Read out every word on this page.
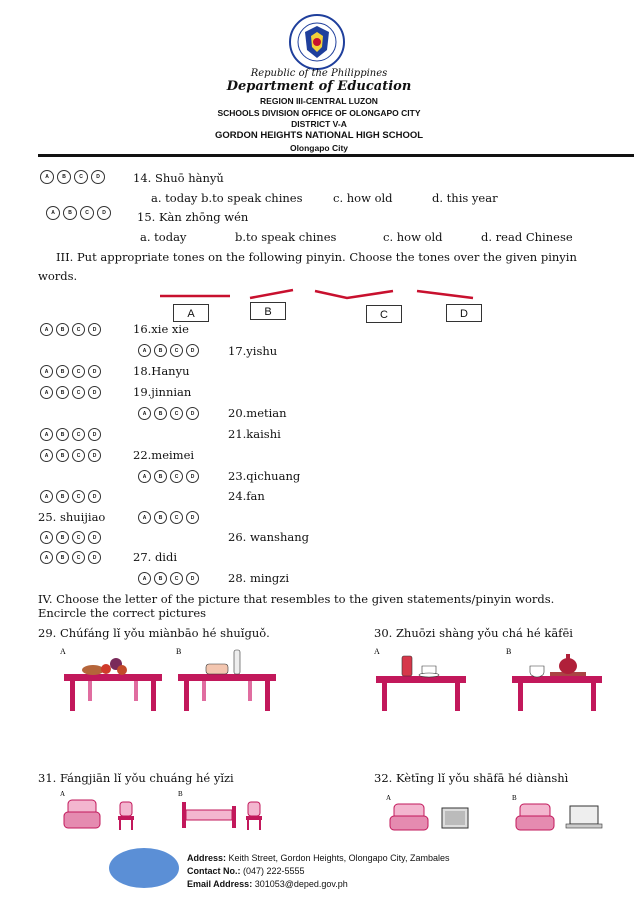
Republic of the Philippines
Department of Education
REGION III-CENTRAL LUZON
SCHOOLS DIVISION OFFICE OF OLONGAPO CITY
DISTRICT V-A
GORDON HEIGHTS NATIONAL HIGH SCHOOL
Olongapo City
A	B	C	D	14. Shuō hànyǔ
a. today b.to speak chines	c. how old	d. this year
A	B	C	D	15. Kàn zhōng wén
a. today	b.to speak chines	c. how old	d. read Chinese
III. Put appropriate tones on the following pinyin. Choose the tones over the given pinyin
words.
A	B	C	D
A	B	C	D	16.xie xie
A	B	C	D	17.yishu
A	B	C	D	18.Hanyu
A	B	C	D	19.jinnian
A	B	C	D	20.metian
A	B	C	D	21.kaishi
A	B	C	D	22.meimei
A	B	C	D	23.qichuang
A	B	C	D	24.fan
25. shuijiao	A	B	C	D
A	B	C	D	26. wanshang
A	B	C	D	27. didi
A	B	C	D	28. mingzi
IV. Choose the letter of the picture that resembles to the given statements/pinyin words.
Encircle the correct pictures
29. Chúfáng lǐ yǒu miànbāo hé shuǐguǒ.	30. Zhuōzi shàng yǒu chá hé kāfēi
A	B	A	B
31. Fángjiān lǐ yǒu chuáng hé yǐzi	32. Kètīng lǐ yǒu shāfā hé diànshì
A	B	A	B
Address: Keith Street, Gordon Heights, Olongapo City, Zambales
Contact No.: (047) 222-5555
Email Address: 301053@deped.gov.ph
